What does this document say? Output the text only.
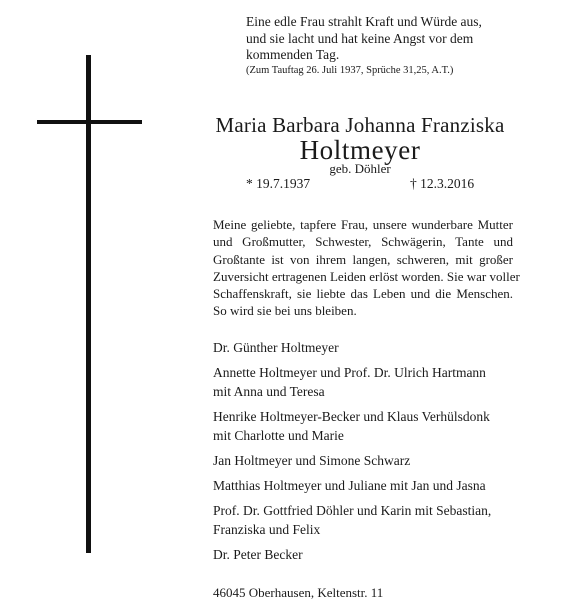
Eine edle Frau strahlt Kraft und Würde aus,
und sie lacht und hat keine Angst vor dem
kommenden Tag.
(Zum Tauftag 26. Juli 1937, Sprüche 31,25, A.T.)
Maria Barbara Johanna Franziska
Holtmeyer
geb. Döhler
* 19.7.1937	† 12.3.2016
Meine geliebte, tapfere Frau, unsere wunderbare Mutter
und Großmutter, Schwester, Schwägerin, Tante und
Großtante ist von ihrem langen, schweren, mit großer
Zuversicht ertragenen Leiden erlöst worden. Sie war voller
Schaffenskraft, sie liebte das Leben und die Menschen.
So wird sie bei uns bleiben.
Dr. Günther Holtmeyer
Annette Holtmeyer und Prof. Dr. Ulrich Hartmann
mit Anna und Teresa
Henrike Holtmeyer-Becker und Klaus Verhülsdonk
mit Charlotte und Marie
Jan Holtmeyer und Simone Schwarz
Matthias Holtmeyer und Juliane mit Jan und Jasna
Prof. Dr. Gottfried Döhler und Karin mit Sebastian,
Franziska und Felix
Dr. Peter Becker
46045 Oberhausen, Keltenstr. 11
